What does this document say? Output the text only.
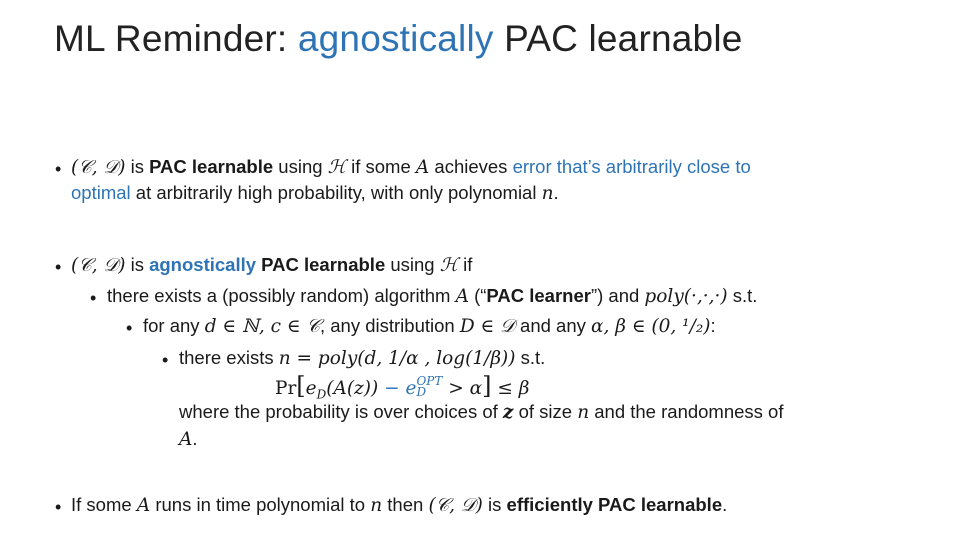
ML Reminder: agnostically PAC learnable
• (𝒞, 𝒟) is PAC learnable using ℋ if some A achieves error that’s arbitrarily close to
optimal at arbitrarily high probability, with only polynomial n.
• (𝒞, 𝒟) is agnostically PAC learnable using ℋ if
• there exists a (possibly random) algorithm A (“PAC learner”) and poly(·,·,·) s.t.
• for any d ∈ ℕ, c ∈ 𝒞, any distribution D ∈ 𝒟 and any α, β ∈ (0, ¹/₂):
• there exists n = poly(d, 1/α , log(1/β)) s.t.
$Pr[e_D(A(z)) - e$ OPT
D > α] ≤ β
where the probability is over choices of z of size n and the randomness of
A.
• If some A runs in time polynomial to n then (𝒞, 𝒟) is efficiently PAC learnable.
